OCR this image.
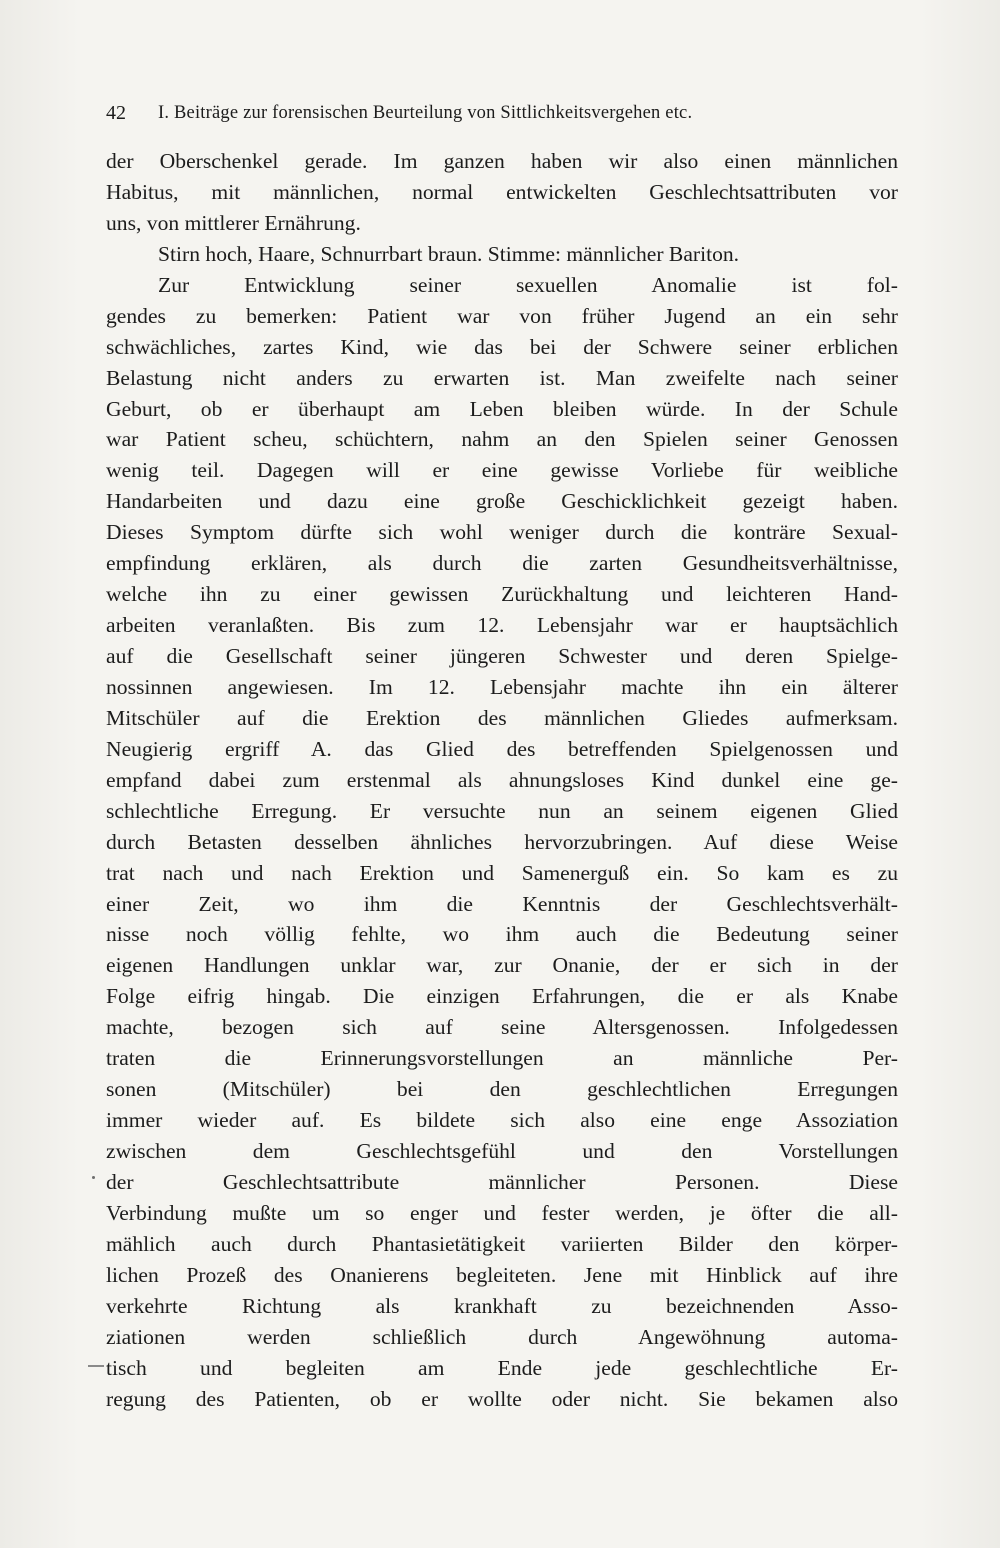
42 I. Beiträge zur forensischen Beurteilung von Sittlichkeitsvergehen etc.
der Oberschenkel gerade. Im ganzen haben wir also einen männlichen
Habitus, mit männlichen, normal entwickelten Geschlechtsattributen vor
uns, von mittlerer Ernährung.
Stirn hoch, Haare, Schnurrbart braun. Stimme: männlicher Bariton.
Zur Entwicklung seiner sexuellen Anomalie ist fol-
gendes zu bemerken: Patient war von früher Jugend an ein sehr
schwächliches, zartes Kind, wie das bei der Schwere seiner erblichen
Belastung nicht anders zu erwarten ist. Man zweifelte nach seiner
Geburt, ob er überhaupt am Leben bleiben würde. In der Schule
war Patient scheu, schüchtern, nahm an den Spielen seiner Genossen
wenig teil. Dagegen will er eine gewisse Vorliebe für weibliche
Handarbeiten und dazu eine große Geschicklichkeit gezeigt haben.
Dieses Symptom dürfte sich wohl weniger durch die konträre Sexual-
empfindung erklären, als durch die zarten Gesundheitsverhältnisse,
welche ihn zu einer gewissen Zurückhaltung und leichteren Hand-
arbeiten veranlaßten. Bis zum 12. Lebensjahr war er hauptsächlich
auf die Gesellschaft seiner jüngeren Schwester und deren Spielge-
nossinnen angewiesen. Im 12. Lebensjahr machte ihn ein älterer
Mitschüler auf die Erektion des männlichen Gliedes aufmerksam.
Neugierig ergriff A. das Glied des betreffenden Spielgenossen und
empfand dabei zum erstenmal als ahnungsloses Kind dunkel eine ge-
schlechtliche Erregung. Er versuchte nun an seinem eigenen Glied
durch Betasten desselben ähnliches hervorzubringen. Auf diese Weise
trat nach und nach Erektion und Samenerguß ein. So kam es zu
einer Zeit, wo ihm die Kenntnis der Geschlechtsverhält-
nisse noch völlig fehlte, wo ihm auch die Bedeutung seiner
eigenen Handlungen unklar war, zur Onanie, der er sich in der
Folge eifrig hingab. Die einzigen Erfahrungen, die er als Knabe
machte, bezogen sich auf seine Altersgenossen. Infolgedessen
traten die Erinnerungsvorstellungen an männliche Per-
sonen (Mitschüler) bei den geschlechtlichen Erregungen
immer wieder auf. Es bildete sich also eine enge Assoziation
zwischen dem Geschlechtsgefühl und den Vorstellungen
der Geschlechtsattribute männlicher Personen. Diese
Verbindung mußte um so enger und fester werden, je öfter die all-
mählich auch durch Phantasietätigkeit variierten Bilder den körper-
lichen Prozeß des Onanierens begleiteten. Jene mit Hinblick auf ihre
verkehrte Richtung als krankhaft zu bezeichnenden Asso-
ziationen werden schließlich durch Angewöhnung automa-
tisch und begleiten am Ende jede geschlechtliche Er-
regung des Patienten, ob er wollte oder nicht. Sie bekamen also
